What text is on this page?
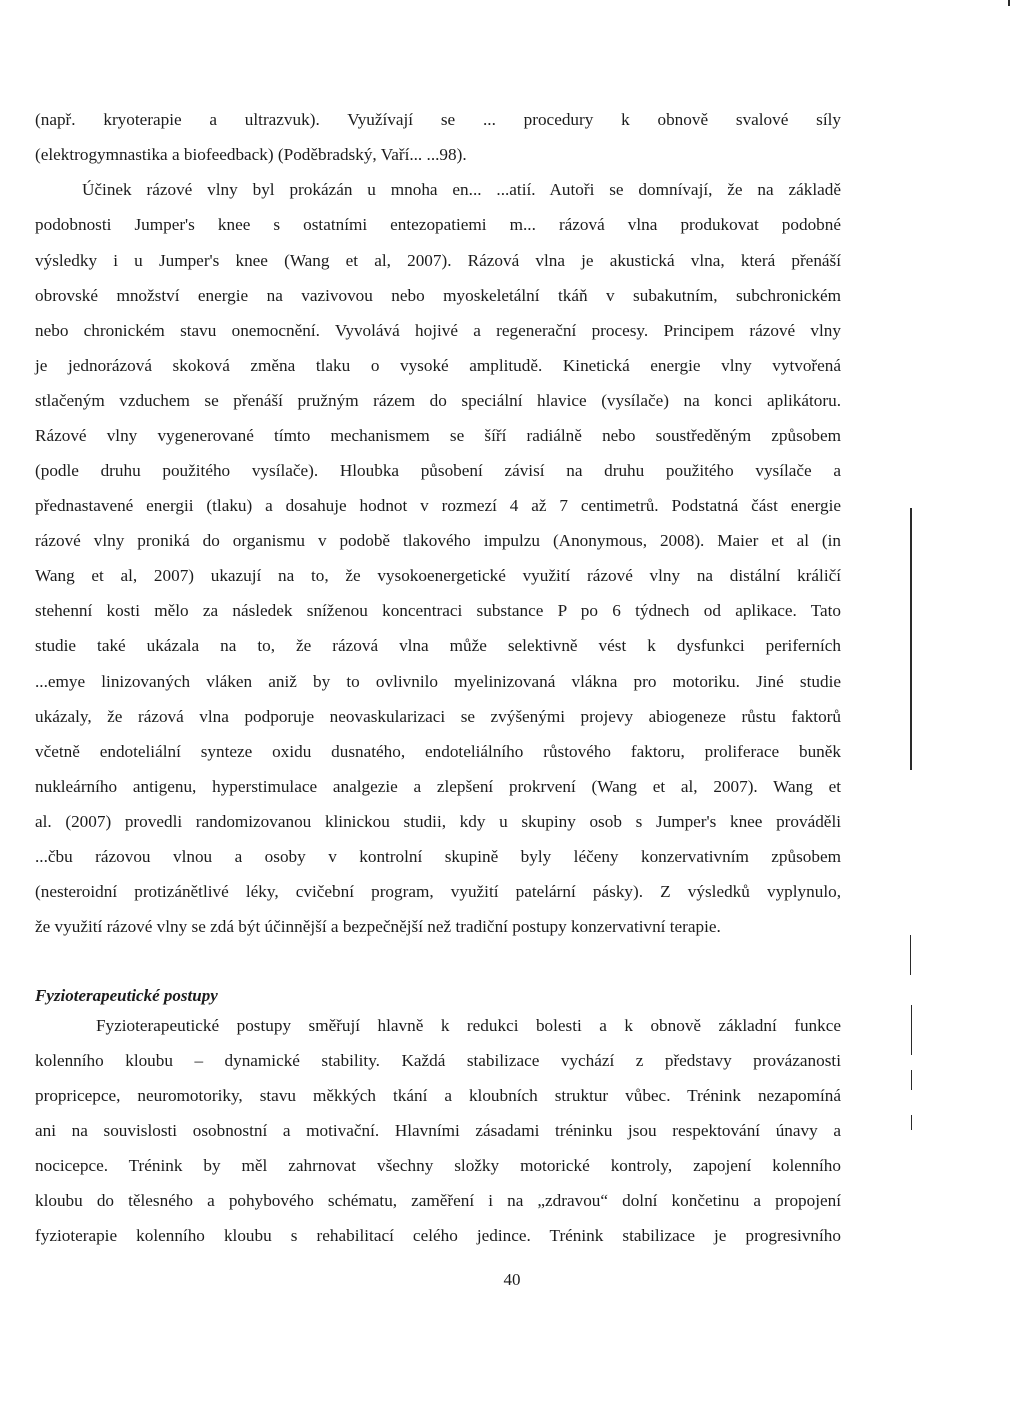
(např. kryoterapie a ultrazvuk). Využívají se ... procedury k obnově svalové síly
(elektrogymnastika a biofeedback) (Poděbradský, Vaří... ...98).
Účinek rázové vlny byl prokázán u mnoha en... ...atií. Autoři se domnívají, že na základě
podobnosti Jumper's knee s ostatními entezopatiemi m... rázová vlna produkovat podobné
výsledky i u Jumper's knee (Wang et al, 2007). Rázová vlna je akustická vlna, která přenáší
obrovské množství energie na vazivovou nebo myoskeletální tkáň v subakutním, subchronickém
nebo chronickém stavu onemocnění. Vyvolává hojivé a regenerační procesy. Principem rázové vlny
je jednorázová skoková změna tlaku o vysoké amplitudě. Kinetická energie vlny vytvořená
stlačeným vzduchem se přenáší pružným rázem do speciální hlavice (vysílače) na konci aplikátoru.
Rázové vlny vygenerované tímto mechanismem se šíří radiálně nebo soustředěným způsobem
(podle druhu použitého vysílače). Hloubka působení závisí na druhu použitého vysílače a
přednastavené energii (tlaku) a dosahuje hodnot v rozmezí 4 až 7 centimetrů. Podstatná část energie
rázové vlny proniká do organismu v podobě tlakového impulzu (Anonymous, 2008). Maier et al (in
Wang et al, 2007) ukazují na to, že vysokoenergetické využití rázové vlny na distální králičí
stehenní kosti mělo za následek sníženou koncentraci substance P po 6 týdnech od aplikace. Tato
studie také ukázala na to, že rázová vlna může selektivně vést k dysfunkci periferních
...emye linizovaných vláken aniž by to ovlivnilo myelinizovaná vlákna pro motoriku. Jiné studie
ukázaly, že rázová vlna podporuje neovaskularizaci se zvýšenými projevy abiogeneze růstu faktorů
včetně endoteliální synteze oxidu dusnatého, endoteliálního růstového faktoru, proliferace buněk
nukleárního antigenu, hyperstimulace analgezie a zlepšení prokrvení (Wang et al, 2007). Wang et
al. (2007) provedli randomizovanou klinickou studii, kdy u skupiny osob s Jumper's knee prováděli
...čbu rázovou vlnou a osoby v kontrolní skupině byly léčeny konzervativním způsobem
(nesteroidní protizánětlivé léky, cvičební program, využití patelární pásky). Z výsledků vyplynulo,
že využití rázové vlny se zdá být účinnější a bezpečnější než tradiční postupy konzervativní terapie.
Fyzioterapeutické postupy
Fyzioterapeutické postupy směřují hlavně k redukci bolesti a k obnově základní funkce
kolenního kloubu – dynamické stability. Každá stabilizace vychází z představy provázanosti
propricepce, neuromotoriky, stavu měkkých tkání a kloubních struktur vůbec. Trénink nezapomíná
ani na souvislosti osobnostní a motivační. Hlavními zásadami tréninku jsou respektování únavy a
nocicepce. Trénink by měl zahrnovat všechny složky motorické kontroly, zapojení kolenního
kloubu do tělesného a pohybového schématu, zaměření i na „zdravou“ dolní končetinu a propojení
fyzioterapie kolenního kloubu s rehabilitací celého jedince. Trénink stabilizace je progresivního
40
